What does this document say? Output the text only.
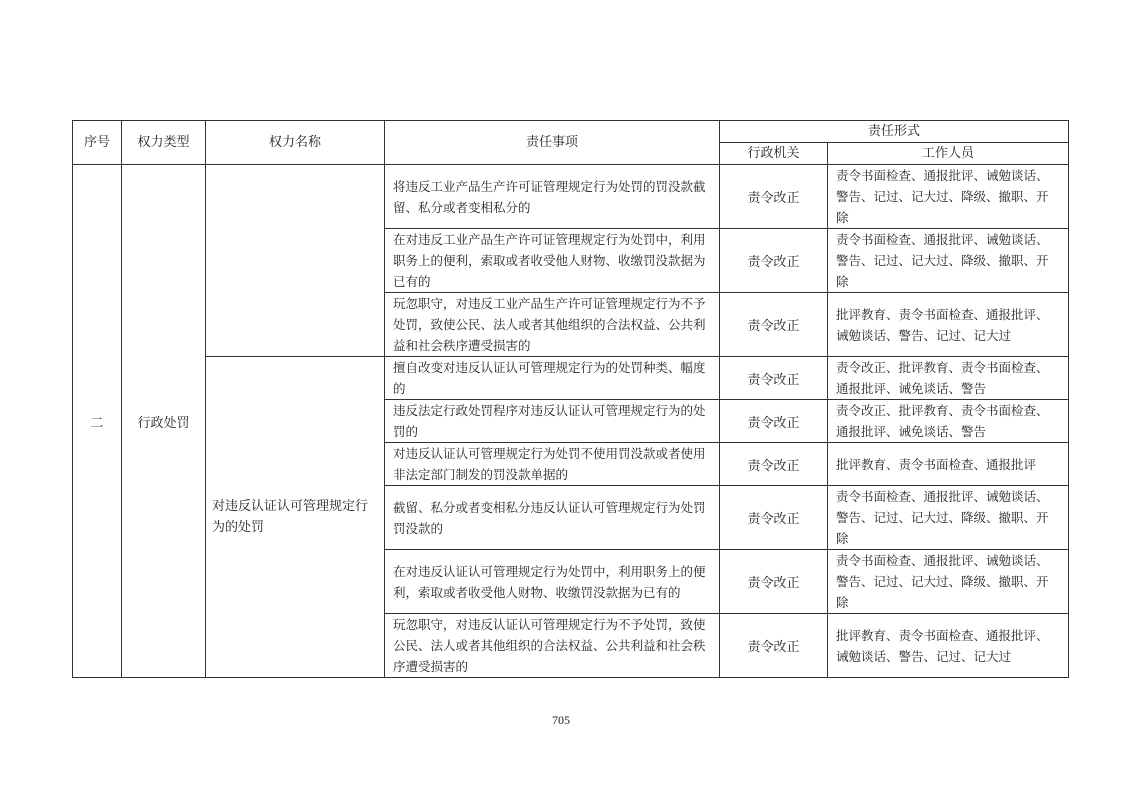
序号	权力类型	权力名称	责任事项	责任形式	
				行政机关	工作人员
二	行政处罚		将违反工业产品生产许可证管理规定行为处罚的罚没款截留、私分或者变相私分的	责令改正	责令书面检查、通报批评、诫勉谈话、警告、记过、记大过、降级、撤职、开除
			在对违反工业产品生产许可证管理规定行为处罚中，利用职务上的便利，索取或者收受他人财物、收缴罚没款据为已有的	责令改正	责令书面检查、通报批评、诫勉谈话、警告、记过、记大过、降级、撤职、开除
			玩忽职守，对违反工业产品生产许可证管理规定行为不予处罚，致使公民、法人或者其他组织的合法权益、公共利益和社会秩序遭受损害的	责令改正	批评教育、责令书面检查、通报批评、诫勉谈话、警告、记过、记大过
		对违反认证认可管理规定行为的处罚	擅自改变对违反认证认可管理规定行为的处罚种类、幅度的	责令改正	责令改正、批评教育、责令书面检查、通报批评、诫免谈话、警告
			违反法定行政处罚程序对违反认证认可管理规定行为的处罚的	责令改正	责令改正、批评教育、责令书面检查、通报批评、诫免谈话、警告
			对违反认证认可管理规定行为处罚不使用罚没款或者使用非法定部门制发的罚没款单据的	责令改正	批评教育、责令书面检查、通报批评
			截留、私分或者变相私分违反认证认可管理规定行为处罚罚没款的	责令改正	责令书面检查、通报批评、诫勉谈话、警告、记过、记大过、降级、撤职、开除
			在对违反认证认可管理规定行为处罚中，利用职务上的便利，索取或者收受他人财物、收缴罚没款据为已有的	责令改正	责令书面检查、通报批评、诫勉谈话、警告、记过、记大过、降级、撤职、开除
			玩忽职守，对违反认证认可管理规定行为不予处罚，致使公民、法人或者其他组织的合法权益、公共利益和社会秩序遭受损害的	责令改正	批评教育、责令书面检查、通报批评、诫勉谈话、警告、记过、记大过
705
